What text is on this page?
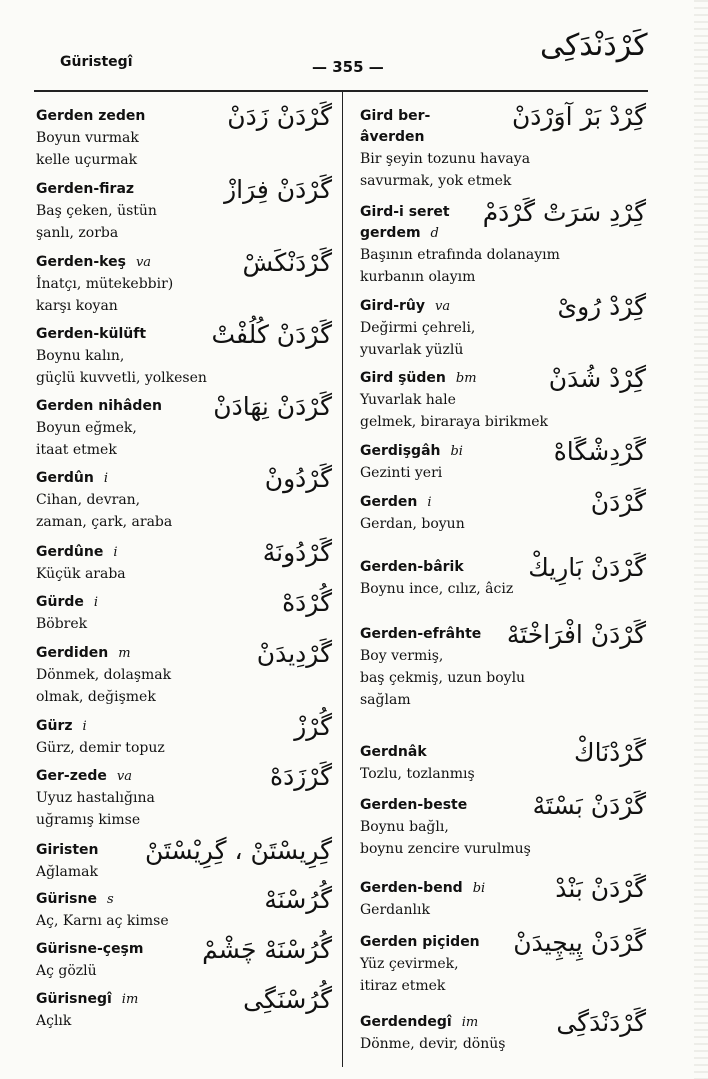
Güristegî	— 355 —
كَرْدَنْدَكِى
Gerden zeden
Boyun vurmak
kelle uçurmak
گَرْدَنْ زَدَنْ
Gerden-firaz
Baş çeken, üstün
şanlı, zorba
گَرْدَنْ فِرَازْ
Gerden-keş va
İnatçı, mütekebbir)
karşı koyan
گَرْدَنْكَشْ
Gerden-külüft
Boynu kalın,
güçlü kuvvetli, yolkesen
گَرْدَنْ كُلُفْتْ
Gerden nihâden
Boyun eğmek,
itaat etmek
گَرْدَنْ نِهَادَنْ
Gerdûn i
Cihan, devran,
zaman, çark, araba
گَرْدُونْ
Gerdûne i
Küçük araba
گَرْدُونَهْ
Gürde i
Böbrek
گُرْدَهْ
Gerdiden m
Dönmek, dolaşmak
olmak, değişmek
گَرْدِيدَنْ
Gürz i
Gürz, demir topuz
گُرْزْ
Ger-zede va
Uyuz hastalığına
uğramış kimse
گَرْزَدَهْ
Giristen
Ağlamak
گِرِيسْتَنْ ، گِرِيْسْتَنْ
Gürisne s
Aç, Karnı aç kimse
گُرُسْنَهْ
Gürisne-çeşm
Aç gözlü
گُرُسْنَهْ چَشْمْ
Gürisnegî im
Açlık
گُرُسْنَگِى
Gird ber-
âverden
Bir şeyin tozunu havaya
savurmak, yok etmek
گِرْدْ بَرْ آوَرْدَنْ
Gird-i seret
gerdem d
Başının etrafında dolanayım
kurbanın olayım
گِرْدِ سَرَتْ گَرْدَمْ
Gird-rûy va
Değirmi çehreli,
yuvarlak yüzlü
گِرْدْ رُوىْ
Gird şüden bm
Yuvarlak hale
gelmek, biraraya birikmek
گِرْدْ شُدَنْ
Gerdişgâh bi
Gezinti yeri
گَرْدِشْگَاهْ
Gerden i
Gerdan, boyun
گَرْدَنْ
Gerden-bârik
Boynu ince, cılız, âciz
گَرْدَنْ بَارِيكْ
Gerden-efrâhte
Boy vermiş,
baş çekmiş, uzun boylu
sağlam
گَرْدَنْ افْرَاخْتَهْ
Gerdnâk
Tozlu, tozlanmış
گَرْدْنَاكْ
Gerden-beste
Boynu bağlı,
boynu zencire vurulmuş
گَرْدَنْ بَسْتَهْ
Gerden-bend bi
Gerdanlık
گَرْدَنْ بَنْدْ
Gerden piçiden
Yüz çevirmek,
itiraz etmek
گَرْدَنْ پِيچِيدَنْ
Gerdendegî im
Dönme, devir, dönüş
گَرْدَنْدَگِى
